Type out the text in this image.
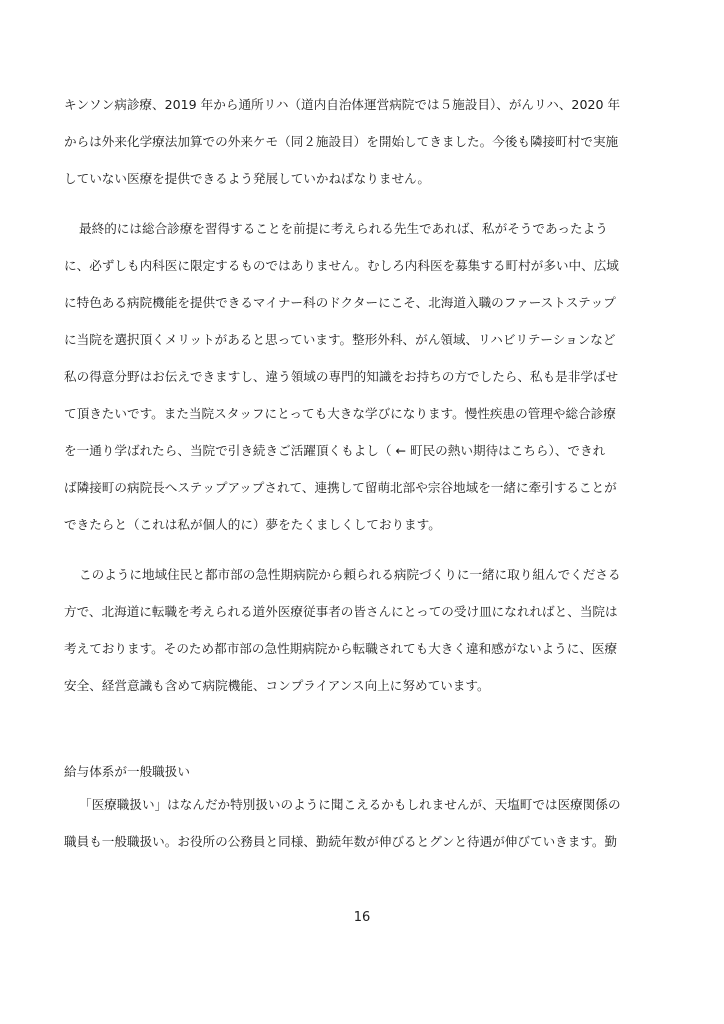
キンソン病診療、2019 年から通所リハ（道内自治体運営病院では５施設目）、がんリハ、2020 年
からは外来化学療法加算での外来ケモ（同２施設目）を開始してきました。今後も隣接町村で実施
していない医療を提供できるよう発展していかねばなりません。
最終的には総合診療を習得することを前提に考えられる先生であれば、私がそうであったよう
に、必ずしも内科医に限定するものではありません。むしろ内科医を募集する町村が多い中、広域
に特色ある病院機能を提供できるマイナー科のドクターにこそ、北海道入職のファーストステップ
に当院を選択頂くメリットがあると思っています。整形外科、がん領域、リハビリテーションなど
私の得意分野はお伝えできますし、違う領域の専門的知識をお持ちの方でしたら、私も是非学ばせ
て頂きたいです。また当院スタッフにとっても大きな学びになります。慢性疾患の管理や総合診療
を一通り学ばれたら、当院で引き続きご活躍頂くもよし（ ← 町民の熱い期待はこちら）、できれ
ば隣接町の病院長へステップアップされて、連携して留萌北部や宗谷地域を一緒に牽引することが
できたらと（これは私が個人的に）夢をたくましくしております。
このように地域住民と都市部の急性期病院から頼られる病院づくりに一緒に取り組んでくださる
方で、北海道に転職を考えられる道外医療従事者の皆さんにとっての受け皿になれればと、当院は
考えております。そのため都市部の急性期病院から転職されても大きく違和感がないように、医療
安全、経営意識も含めて病院機能、コンプライアンス向上に努めています。
給与体系が一般職扱い
「医療職扱い」はなんだか特別扱いのように聞こえるかもしれませんが、天塩町では医療関係の
職員も一般職扱い。お役所の公務員と同様、勤続年数が伸びるとグンと待遇が伸びていきます。勤
16
